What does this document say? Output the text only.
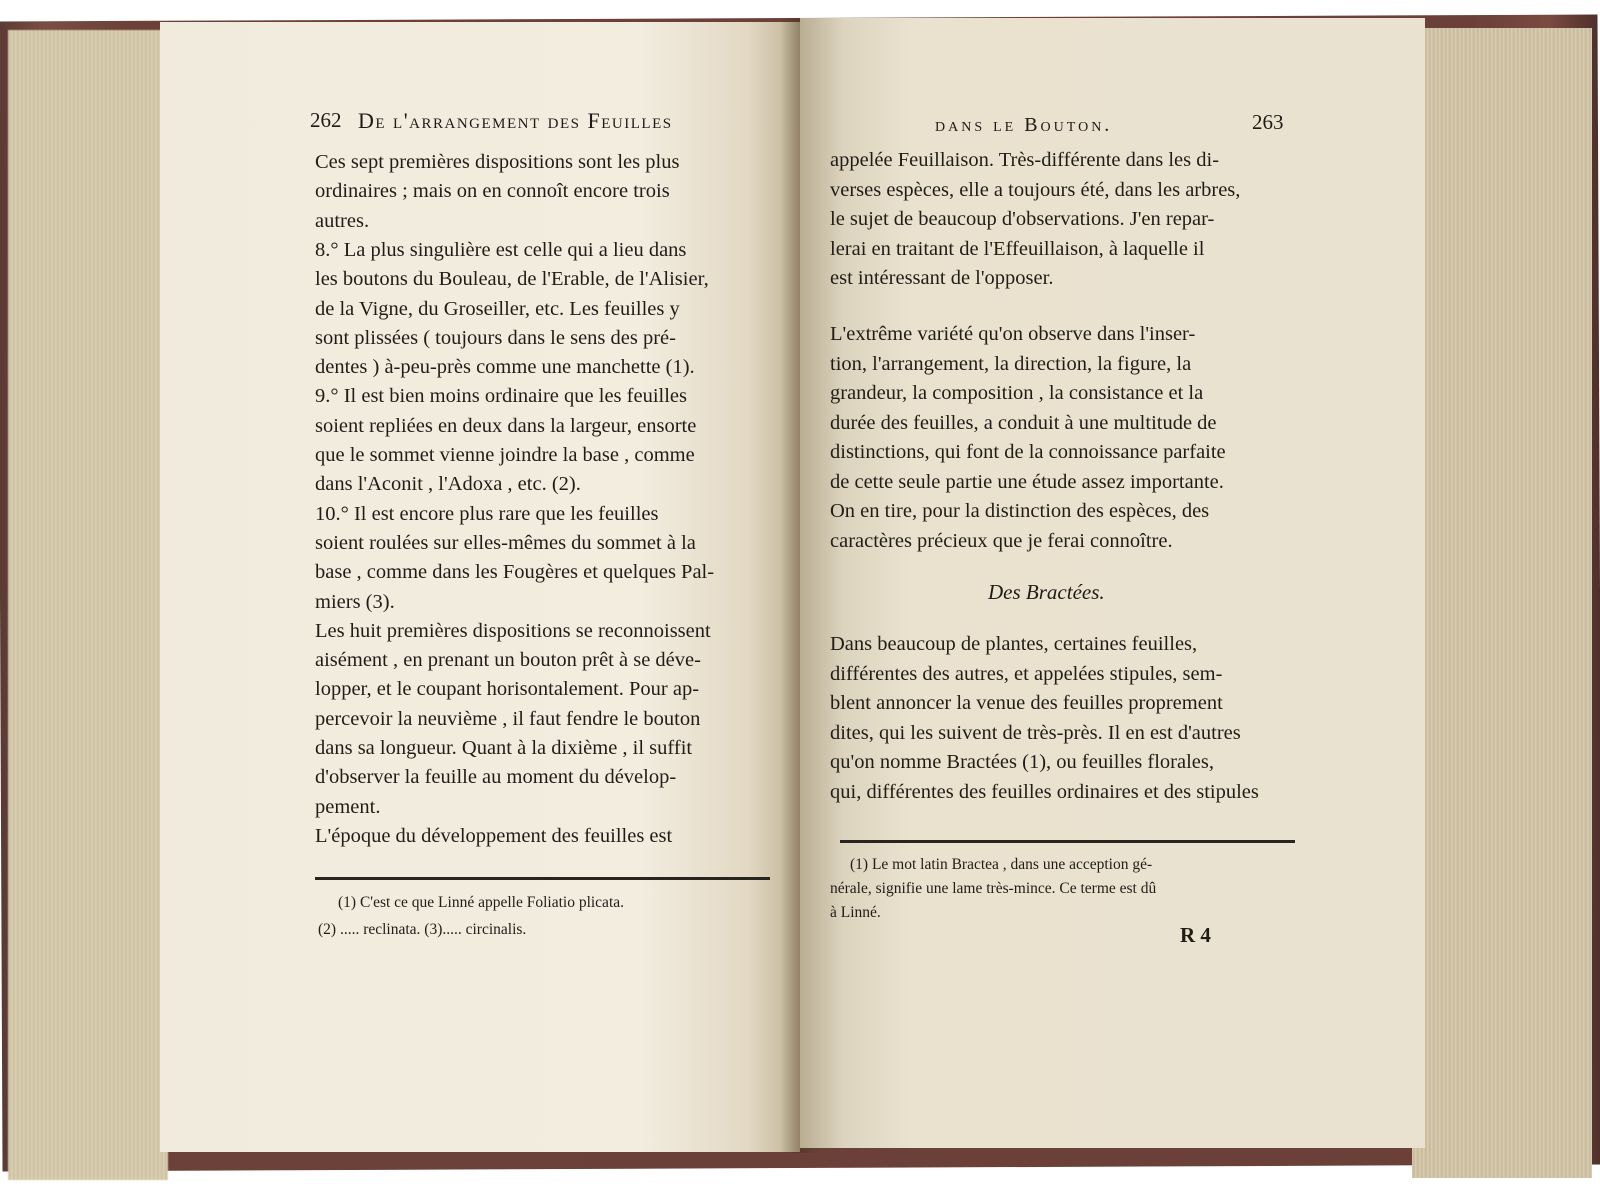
262 De l'arrangement des Feuilles
Ces sept premières dispositions sont les plus
ordinaires ; mais on en connoît encore trois
autres.
8.° La plus singulière est celle qui a lieu dans
les boutons du Bouleau, de l'Erable, de l'Alisier,
de la Vigne, du Groseiller, etc. Les feuilles y
sont plissées ( toujours dans le sens des pré-
dentes ) à-peu-près comme une manchette (1).
9.° Il est bien moins ordinaire que les feuilles
soient repliées en deux dans la largeur, ensorte
que le sommet vienne joindre la base , comme
dans l'Aconit , l'Adoxa , etc. (2).
10.° Il est encore plus rare que les feuilles
soient roulées sur elles-mêmes du sommet à la
base , comme dans les Fougères et quelques Pal-
miers (3).
Les huit premières dispositions se reconnoissent
aisément , en prenant un bouton prêt à se déve-
lopper, et le coupant horisontalement. Pour ap-
percevoir la neuvième , il faut fendre le bouton
dans sa longueur. Quant à la dixième , il suffit
d'observer la feuille au moment du dévelop-
pement.
L'époque du développement des feuilles est
(1) C'est ce que Linné appelle Foliatio plicata.
(2) ..... reclinata. (3)..... circinalis.
dans le Bouton.	263
appelée Feuillaison. Très-différente dans les di-
verses espèces, elle a toujours été, dans les arbres,
le sujet de beaucoup d'observations. J'en repar-
lerai en traitant de l'Effeuillaison, à laquelle il
est intéressant de l'opposer.
L'extrême variété qu'on observe dans l'inser-
tion, l'arrangement, la direction, la figure, la
grandeur, la composition , la consistance et la
durée des feuilles, a conduit à une multitude de
distinctions, qui font de la connoissance parfaite
de cette seule partie une étude assez importante.
On en tire, pour la distinction des espèces, des
caractères précieux que je ferai connoître.
Dans beaucoup de plantes, certaines feuilles,
différentes des autres, et appelées stipules, sem-
blent annoncer la venue des feuilles proprement
dites, qui les suivent de très-près. Il en est d'autres
qu'on nomme Bractées (1), ou feuilles florales,
qui, différentes des feuilles ordinaires et des stipules
Des Bractées.
(1) Le mot latin Bractea , dans une acception gé-
nérale, signifie une lame très-mince. Ce terme est dû
à Linné.
R 4
